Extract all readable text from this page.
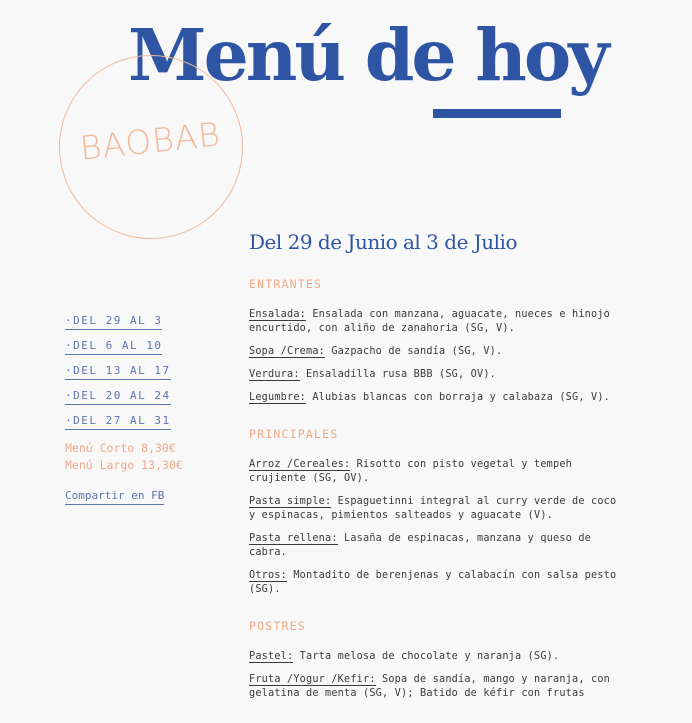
Menú de hoy
BAOBAB
Del 29 de Junio al 3 de Julio
·DEL 29 AL 3
·DEL 6 AL 10
·DEL 13 AL 17
·DEL 20 AL 24
·DEL 27 AL 31
Menú Corto 8,30€
Menú Largo 13,30€
Compartir en FB
ENTRANTES

Ensalada: Ensalada con manzana, aguacate, nueces e hinojo encurtido, con aliño de zanahoria (SG, V).

Sopa /Crema: Gazpacho de sandía (SG, V).

Verdura: Ensaladilla rusa BBB (SG, OV).

Legumbre: Alubias blancas con borraja y calabaza (SG, V).

PRINCIPALES

Arroz /Cereales: Risotto con pisto vegetal y tempeh crujiente (SG, OV).

Pasta simple: Espaguetinni integral al curry verde de coco y espinacas, pimientos salteados y aguacate (V).

Pasta rellena: Lasaña de espinacas, manzana y queso de cabra.

Otros: Montadito de berenjenas y calabacín con salsa pesto (SG).

POSTRES

Pastel: Tarta melosa de chocolate y naranja (SG).

Fruta /Yogur /Kefir: Sopa de sandía, mango y naranja, con gelatina de menta (SG, V); Batido de kéfir con frutas
